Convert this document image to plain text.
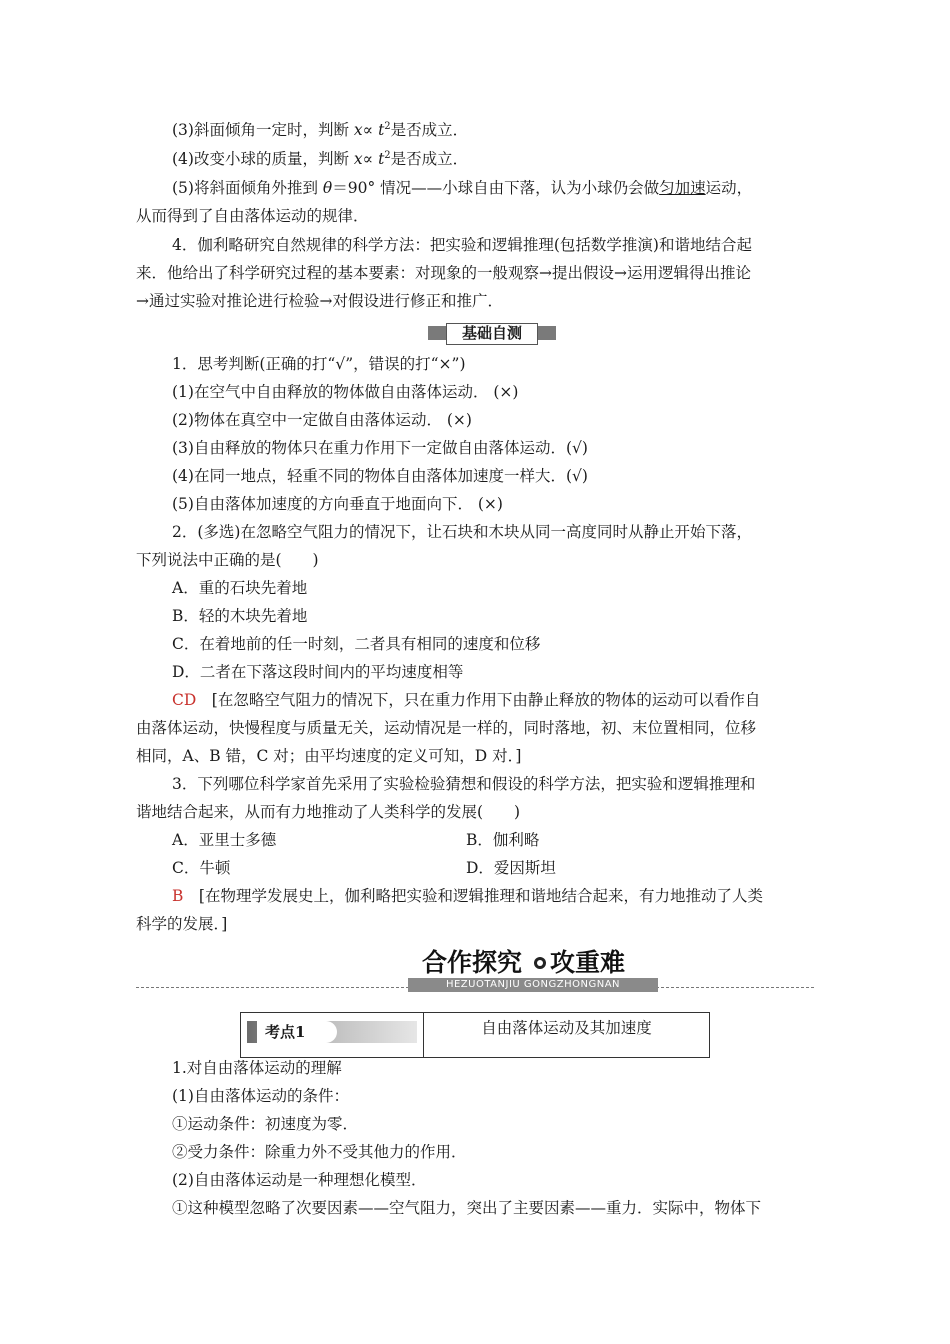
(3)斜面倾角一定时，判断 $x\propto t^2$是否成立．
(4)改变小球的质量，判断 $x\propto t^2$是否成立．
(5)将斜面倾角外推到 θ＝90° 情况——小球自由下落，认为小球仍会做匀加速运动，
从而得到了自由落体运动的规律．
4．伽利略研究自然规律的科学方法：把实验和逻辑推理(包括数学推演)和谐地结合起
来．他给出了科学研究过程的基本要素：对现象的一般观察→提出假设→运用逻辑得出推论
→通过实验对推论进行检验→对假设进行修正和推广．
基础自测
1．思考判断(正确的打“√”，错误的打“×”)
(1)在空气中自由释放的物体做自由落体运动． (×)
(2)物体在真空中一定做自由落体运动． (×)
(3)自由释放的物体只在重力作用下一定做自由落体运动．(√)
(4)在同一地点，轻重不同的物体自由落体加速度一样大．(√)
(5)自由落体加速度的方向垂直于地面向下． (×)
2．(多选)在忽略空气阻力的情况下，让石块和木块从同一高度同时从静止开始下落，
下列说法中正确的是(　　)
A．重的石块先着地
B．轻的木块先着地
C．在着地前的任一时刻，二者具有相同的速度和位移
D．二者在下落这段时间内的平均速度相等
CD　[在忽略空气阻力的情况下，只在重力作用下由静止释放的物体的运动可以看作自
由落体运动，快慢程度与质量无关，运动情况是一样的，同时落地，初、末位置相同，位移
相同，A、B 错，C 对；由平均速度的定义可知，D 对．]
3．下列哪位科学家首先采用了实验检验猜想和假设的科学方法，把实验和逻辑推理和
谐地结合起来，从而有力地推动了人类科学的发展(　　)
A．亚里士多德	B．伽利略
C．牛顿	D．爱因斯坦
B　[在物理学发展史上，伽利略把实验和逻辑推理和谐地结合起来，有力地推动了人类
科学的发展．]
合作探究 攻重难
HEZUOTANJIU GONGZHONGNAN
考点1	自由落体运动及其加速度
1.对自由落体运动的理解
(1)自由落体运动的条件：
①运动条件：初速度为零．
②受力条件：除重力外不受其他力的作用．
(2)自由落体运动是一种理想化模型．
①这种模型忽略了次要因素——空气阻力，突出了主要因素——重力．实际中，物体下
